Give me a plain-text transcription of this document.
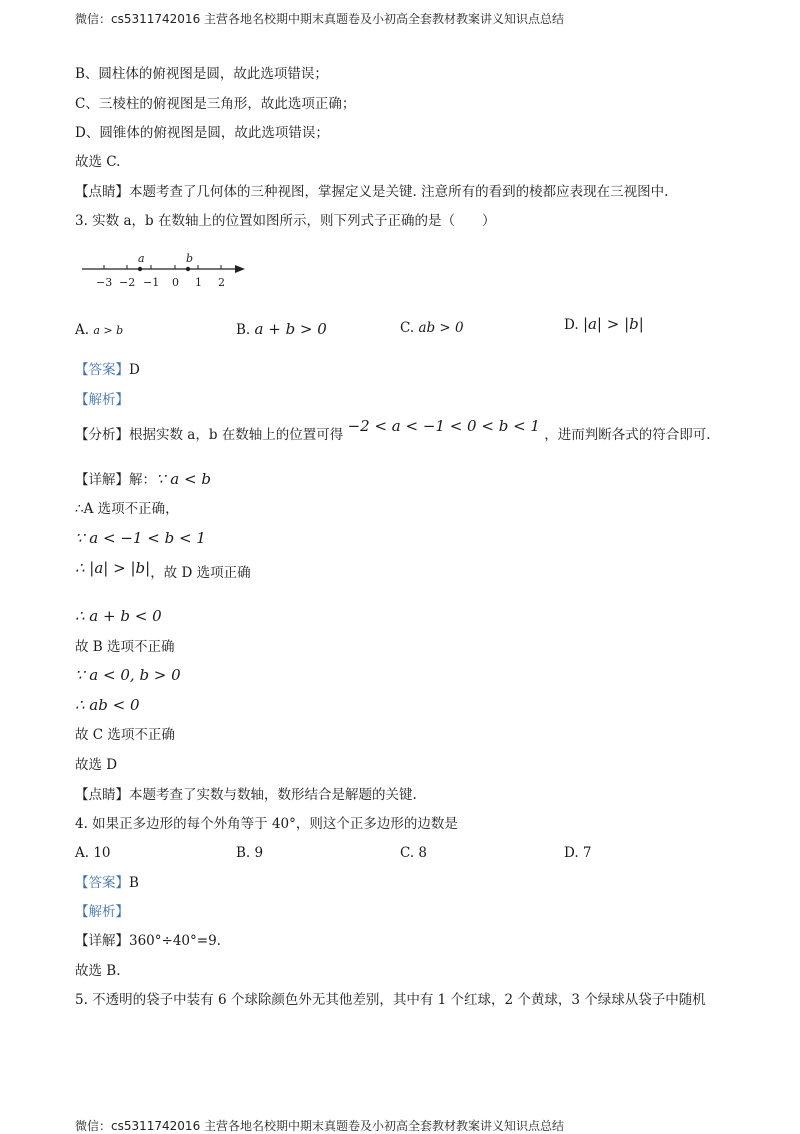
微信：cs5311742016 主营各地名校期中期末真题卷及小初高全套教材教案讲义知识点总结
B、圆柱体的俯视图是圆，故此选项错误；
C、三棱柱的俯视图是三角形，故此选项正确；
D、圆锥体的俯视图是圆，故此选项错误；
故选 C.
【点睛】本题考查了几何体的三种视图，掌握定义是关键. 注意所有的看到的棱都应表现在三视图中.
3. 实数 a，b 在数轴上的位置如图所示，则下列式子正确的是（　　）
a	b
−3 −2 −1 0 1 2
A. a > b	B. a + b > 0	C. ab > 0	D. |a| > |b|
【答案】D
【解析】
【分析】根据实数 a，b 在数轴上的位置可得 −2 < a < −1 < 0 < b < 1 ，进而判断各式的符合即可.
【详解】解：∵ a < b
∴A 选项不正确，
∵ a < −1 < b < 1
∴ |a| > |b|，故 D 选项正确
∴ a + b < 0
故 B 选项不正确
∵ a < 0, b > 0
∴ ab < 0
故 C 选项不正确
故选 D
【点睛】本题考查了实数与数轴，数形结合是解题的关键.
4. 如果正多边形的每个外角等于 40°，则这个正多边形的边数是
A. 10	B. 9	C. 8	D. 7
【答案】B
【解析】
【详解】360°÷40°=9.
故选 B.
5. 不透明的袋子中装有 6 个球除颜色外无其他差别，其中有 1 个红球，2 个黄球，3 个绿球从袋子中随机
微信：cs5311742016 主营各地名校期中期末真题卷及小初高全套教材教案讲义知识点总结
